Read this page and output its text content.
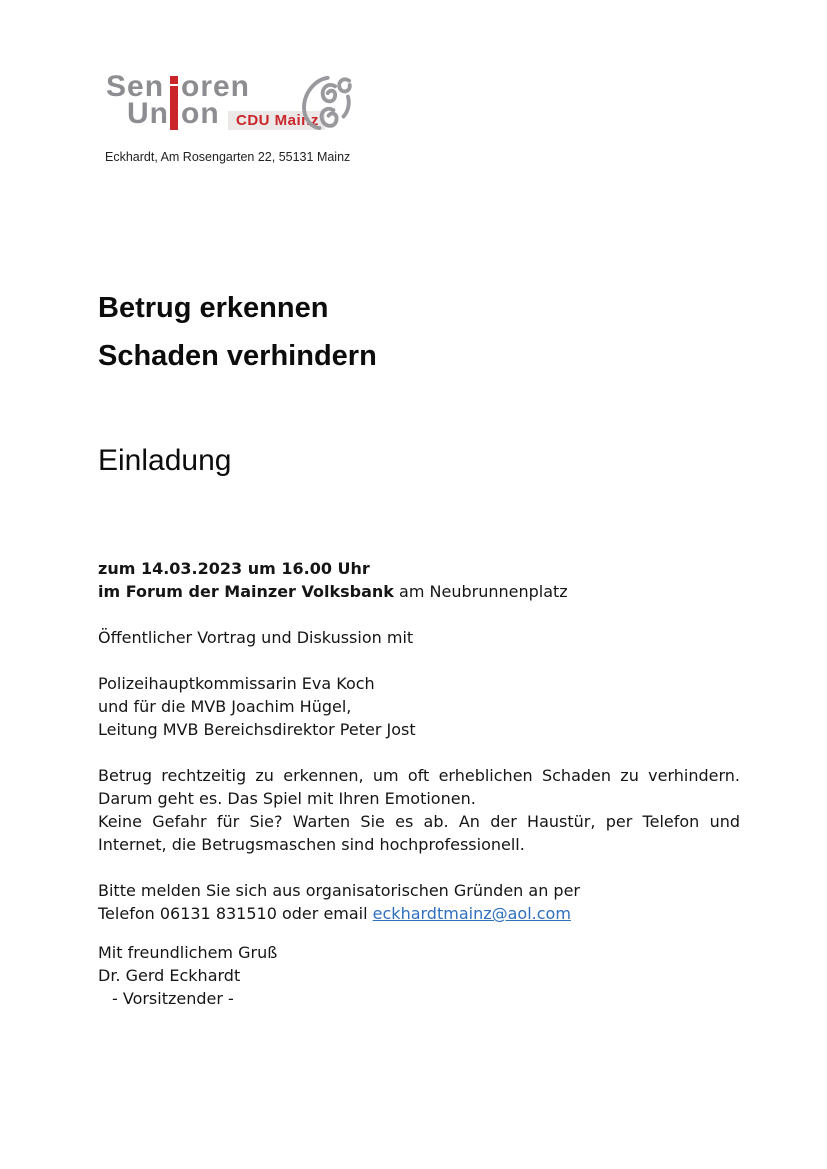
Sen oren
Un on	CDU Mainz
Eckhardt, Am Rosengarten 22, 55131 Mainz
Betrug erkennen
Schaden verhindern
Einladung
zum 14.03.2023 um 16.00 Uhr
im Forum der Mainzer Volksbank am Neubrunnenplatz
Öffentlicher Vortrag und Diskussion mit
Polizeihauptkommissarin Eva Koch
und für die MVB Joachim Hügel,
Leitung MVB Bereichsdirektor Peter Jost
Betrug rechtzeitig zu erkennen, um oft erheblichen Schaden zu verhindern.
Darum geht es. Das Spiel mit Ihren Emotionen.
Keine Gefahr für Sie? Warten Sie es ab. An der Haustür, per Telefon und
Internet, die Betrugsmaschen sind hochprofessionell.
Bitte melden Sie sich aus organisatorischen Gründen an per
Telefon 06131 831510 oder email eckhardtmainz@aol.com
Mit freundlichem Gruß
Dr. Gerd Eckhardt
- Vorsitzender -
